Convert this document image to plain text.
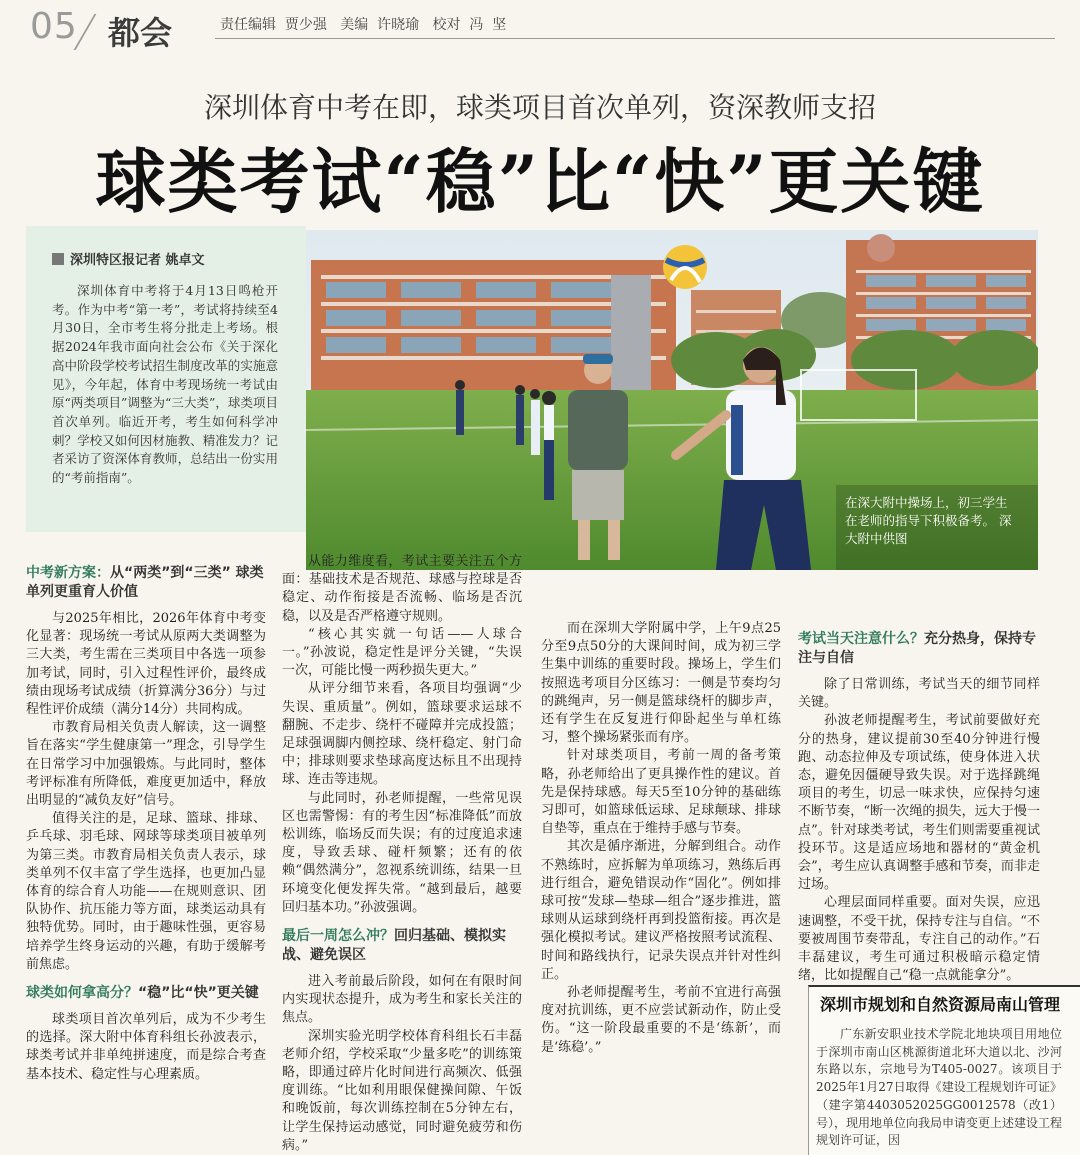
05 都会	责任编辑  贾少强   美编  许晓瑜   校对  冯  坚
深圳体育中考在即，球类项目首次单列，资深教师支招
球类考试“稳”比“快”更关键
深圳特区报记者 姚卓文
深圳体育中考将于4月13日鸣枪开考。作为中考“第一考”，考试将持续至4月30日，全市考生将分批走上考场。根据2024年我市面向社会公布《关于深化高中阶段学校考试招生制度改革的实施意见》，今年起，体育中考现场统一考试由原“两类项目”调整为“三大类”，球类项目首次单列。临近开考，考生如何科学冲刺？学校又如何因材施教、精准发力？记者采访了资深体育教师，总结出一份实用的“考前指南”。
在深大附中操场上，初三学生在老师的指导下积极备考。 深大附中供图
中考新方案：从“两类”到“三类” 球类单列更重育人价值

与2025年相比，2026年体育中考变化显著：现场统一考试从原两大类调整为三大类，考生需在三类项目中各选一项参加考试，同时，引入过程性评价，最终成绩由现场考试成绩（折算满分36分）与过程性评价成绩（满分14分）共同构成。

市教育局相关负责人解读，这一调整旨在落实“学生健康第一”理念，引导学生在日常学习中加强锻炼。与此同时，整体考评标准有所降低，难度更加适中，释放出明显的“减负友好”信号。

值得关注的是，足球、篮球、排球、乒乓球、羽毛球、网球等球类项目被单列为第三类。市教育局相关负责人表示，球类单列不仅丰富了学生选择，也更加凸显体育的综合育人功能——在规则意识、团队协作、抗压能力等方面，球类运动具有独特优势。同时，由于趣味性强，更容易培养学生终身运动的兴趣，有助于缓解考前焦虑。

球类如何拿高分？“稳”比“快”更关键

球类项目首次单列后，成为不少考生的选择。深大附中体育科组长孙波表示，球类考试并非单纯拼速度，而是综合考查基本技术、稳定性与心理素质。

从能力维度看，考试主要关注五个方面：基础技术是否规范、球感与控球是否稳定、动作衔接是否流畅、临场是否沉稳，以及是否严格遵守规则。

“核心其实就一句话——人球合一。”孙波说，稳定性是评分关键，“失误一次，可能比慢一两秒损失更大。”

从评分细节来看，各项目均强调“少失误、重质量”。例如，篮球要求运球不翻腕、不走步、绕杆不碰障并完成投篮；足球强调脚内侧控球、绕杆稳定、射门命中；排球则要求垫球高度达标且不出现持球、连击等违规。

与此同时，孙老师提醒，一些常见误区也需警惕：有的考生因“标准降低”而放松训练，临场反而失误；有的过度追求速度，导致丢球、碰杆频繁；还有的依赖“偶然满分”，忽视系统训练，结果一旦环境变化便发挥失常。“越到最后，越要回归基本功。”孙波强调。

最后一周怎么冲？回归基础、模拟实战、避免误区

进入考前最后阶段，如何在有限时间内实现状态提升，成为考生和家长关注的焦点。

深圳实验光明学校体育科组长石丰磊老师介绍，学校采取“少量多吃”的训练策略，即通过碎片化时间进行高频次、低强度训练。“比如利用眼保健操间隙、午饭和晚饭前，每次训练控制在5分钟左右，让学生保持运动感觉，同时避免疲劳和伤病。”

而在深圳大学附属中学，上午9点25分至9点50分的大课间时间，成为初三学生集中训练的重要时段。操场上，学生们按照选考项目分区练习：一侧是节奏均匀的跳绳声，另一侧是篮球绕杆的脚步声，还有学生在反复进行仰卧起坐与单杠练习，整个操场紧张而有序。

针对球类项目，考前一周的备考策略，孙老师给出了更具操作性的建议。首先是保持球感。每天5至10分钟的基础练习即可，如篮球低运球、足球颠球、排球自垫等，重点在于维持手感与节奏。

其次是循序渐进，分解到组合。动作不熟练时，应拆解为单项练习，熟练后再进行组合，避免错误动作“固化”。例如排球可按“发球—垫球—组合”逐步推进，篮球则从运球到绕杆再到投篮衔接。再次是强化模拟考试。建议严格按照考试流程、时间和路线执行，记录失误点并针对性纠正。

孙老师提醒考生，考前不宜进行高强度对抗训练，更不应尝试新动作，防止受伤。“这一阶段最重要的不是‘练新’，而是‘练稳’。”

考试当天注意什么？充分热身，保持专注与自信

除了日常训练，考试当天的细节同样关键。

孙波老师提醒考生，考试前要做好充分的热身，建议提前30至40分钟进行慢跑、动态拉伸及专项试练，使身体进入状态，避免因僵硬导致失误。对于选择跳绳项目的考生，切忌一味求快，应保持匀速不断节奏，“断一次绳的损失，远大于慢一点”。针对球类考试，考生们则需要重视试投环节。这是适应场地和器材的“黄金机会”，考生应认真调整手感和节奏，而非走过场。

心理层面同样重要。面对失误，应迅速调整，不受干扰，保持专注与自信。“不要被周围节奏带乱，专注自己的动作。”石丰磊建议，考生可通过积极暗示稳定情绪，比如提醒自己“稳一点就能拿分”。

深圳市规划和自然资源局南山管理
广东新安职业技术学院北地块项目用地位于深圳市南山区桃源街道北环大道以北、沙河东路以东，宗地号为T405-0027。该项目于2025年1月27日取得《建设工程规划许可证》（建字第4403052025GG0012578（改1）号），现用地单位向我局申请变更上述建设工程规划许可证，因
